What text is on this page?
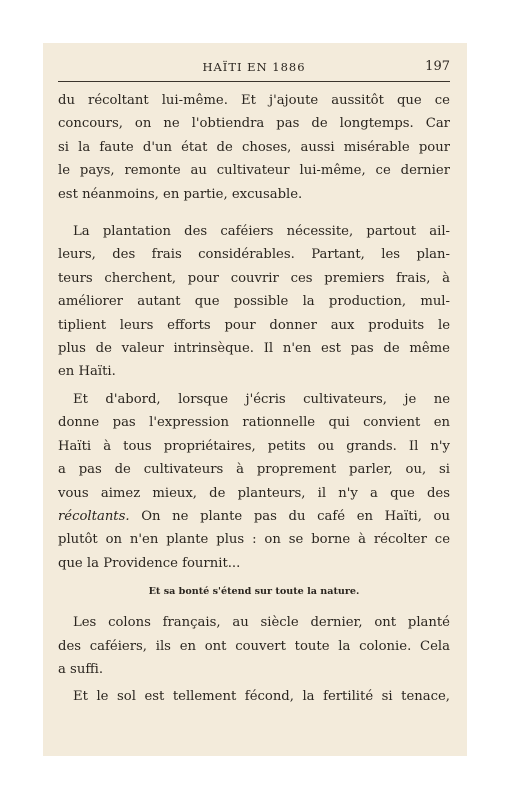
HAÏTI EN 1886	197

du récoltant lui-même. Et j'ajoute aussitôt que ce
concours, on ne l'obtiendra pas de longtemps. Car
si la faute d'un état de choses, aussi misérable pour
le pays, remonte au cultivateur lui-même, ce dernier
est néanmoins, en partie, excusable.

La plantation des caféiers nécessite, partout ail-
leurs, des frais considérables. Partant, les plan-
teurs cherchent, pour couvrir ces premiers frais, à
améliorer autant que possible la production, mul-
tiplient leurs efforts pour donner aux produits le
plus de valeur intrinsèque. Il n'en est pas de même
en Haïti.

Et d'abord, lorsque j'écris cultivateurs, je ne
donne pas l'expression rationnelle qui convient en
Haïti à tous propriétaires, petits ou grands. Il n'y
a pas de cultivateurs à proprement parler, ou, si
vous aimez mieux, de planteurs, il n'y a que des
récoltants. On ne plante pas du café en Haïti, ou
plutôt on n'en plante plus : on se borne à récolter ce
que la Providence fournit...

Et sa bonté s'étend sur toute la nature.

Les colons français, au siècle dernier, ont planté
des caféiers, ils en ont couvert toute la colonie. Cela
a suffi.

Et le sol est tellement fécond, la fertilité si tenace,
